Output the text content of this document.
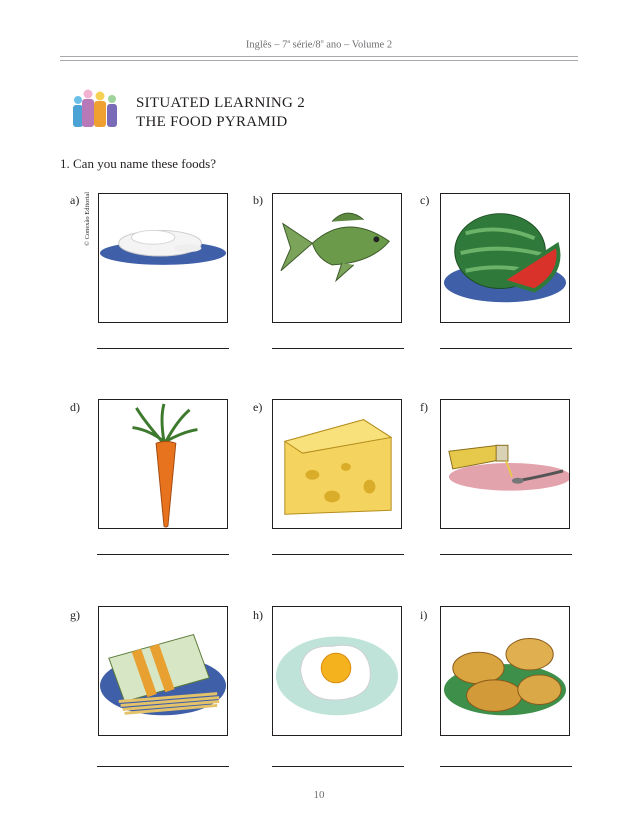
Inglês – 7$^a$ série/8$^o$ ano – Volume 2
SITUATED LEARNING 2
THE FOOD PYRAMID
1. Can you name these foods?
© Conexão Editorial
a)	b)	c)
d)	e)	f)
g)	h)	i)
10
